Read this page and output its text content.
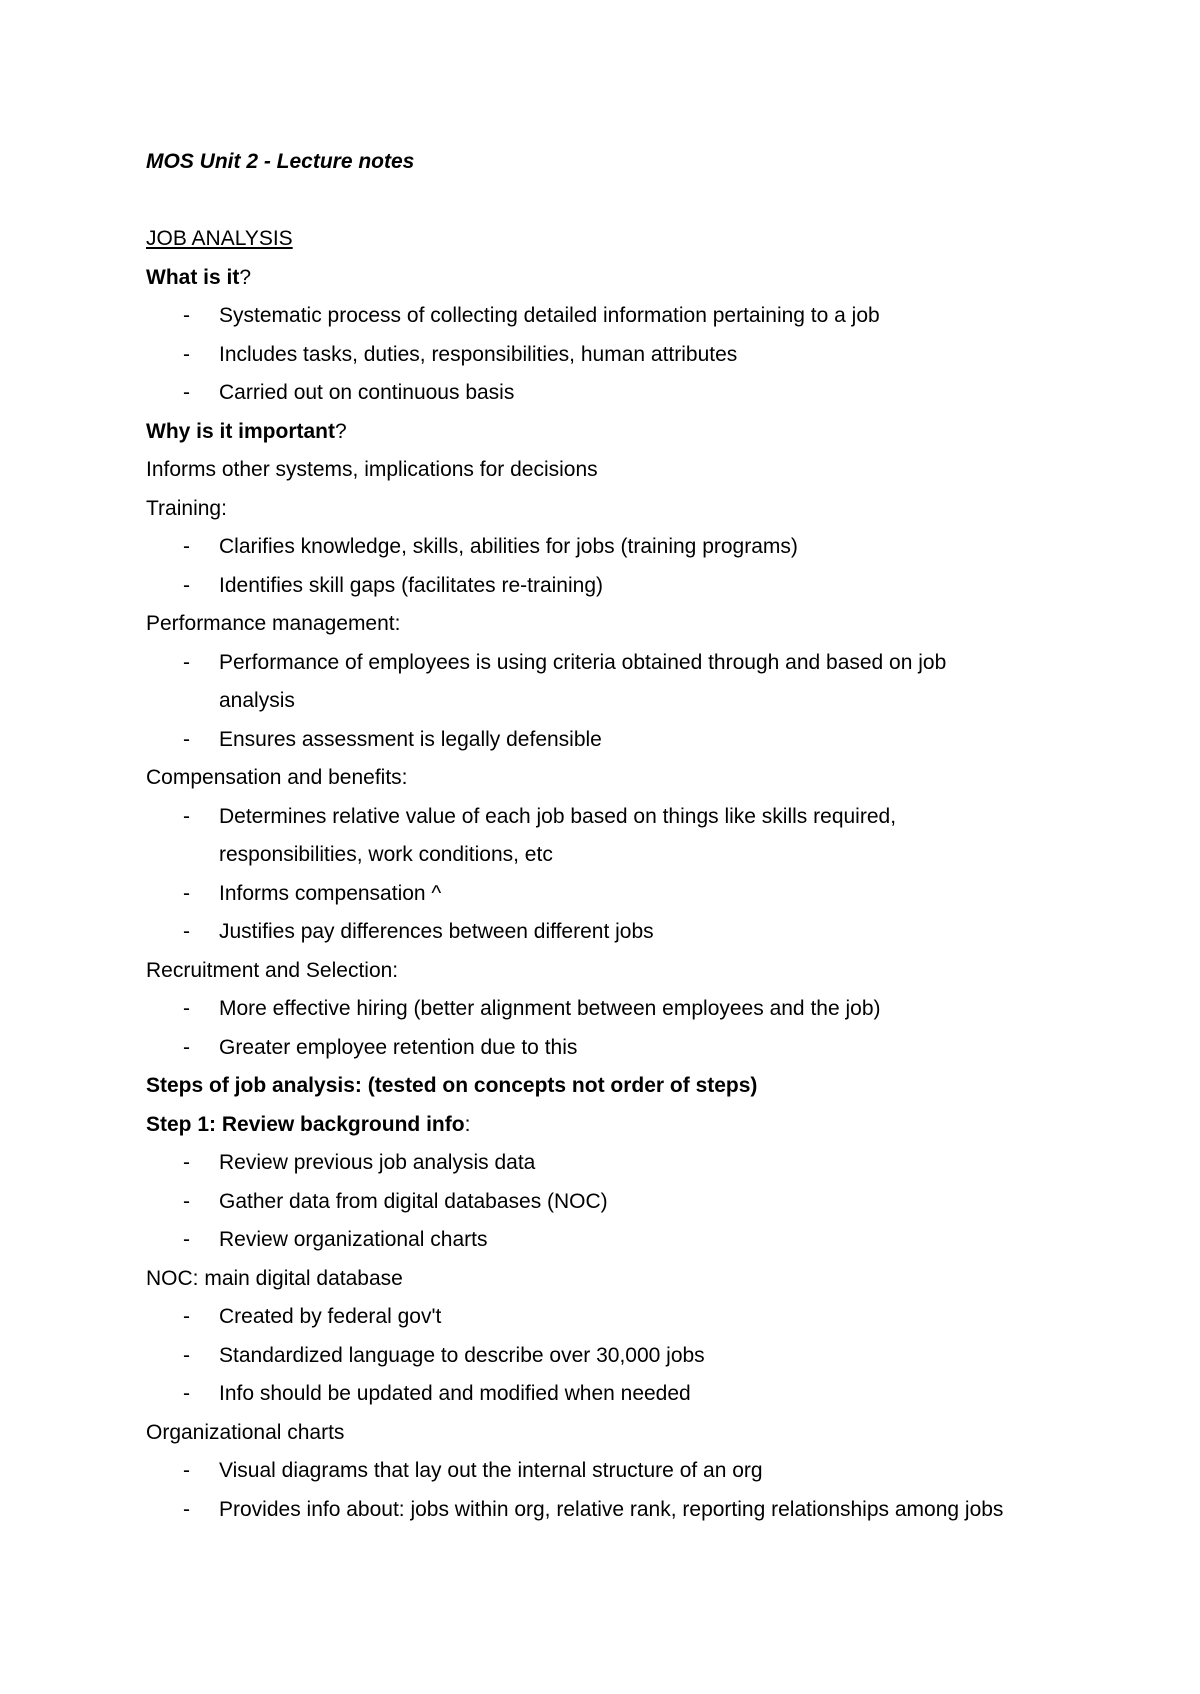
MOS Unit 2 - Lecture notes

JOB ANALYSIS

What is it?

- Systematic process of collecting detailed information pertaining to a job

- Includes tasks, duties, responsibilities, human attributes

- Carried out on continuous basis

Why is it important?

Informs other systems, implications for decisions

Training:

- Clarifies knowledge, skills, abilities for jobs (training programs)

- Identifies skill gaps (facilitates re-training)

Performance management:

- Performance of employees is using criteria obtained through and based on job

analysis

- Ensures assessment is legally defensible

Compensation and benefits:

- Determines relative value of each job based on things like skills required,

responsibilities, work conditions, etc

- Informs compensation ^

- Justifies pay differences between different jobs

Recruitment and Selection:

- More effective hiring (better alignment between employees and the job)

- Greater employee retention due to this

Steps of job analysis: (tested on concepts not order of steps)

Step 1: Review background info:

- Review previous job analysis data

- Gather data from digital databases (NOC)

- Review organizational charts

NOC: main digital database

- Created by federal gov't

- Standardized language to describe over 30,000 jobs

- Info should be updated and modified when needed

Organizational charts

- Visual diagrams that lay out the internal structure of an org

- Provides info about: jobs within org, relative rank, reporting relationships among jobs
